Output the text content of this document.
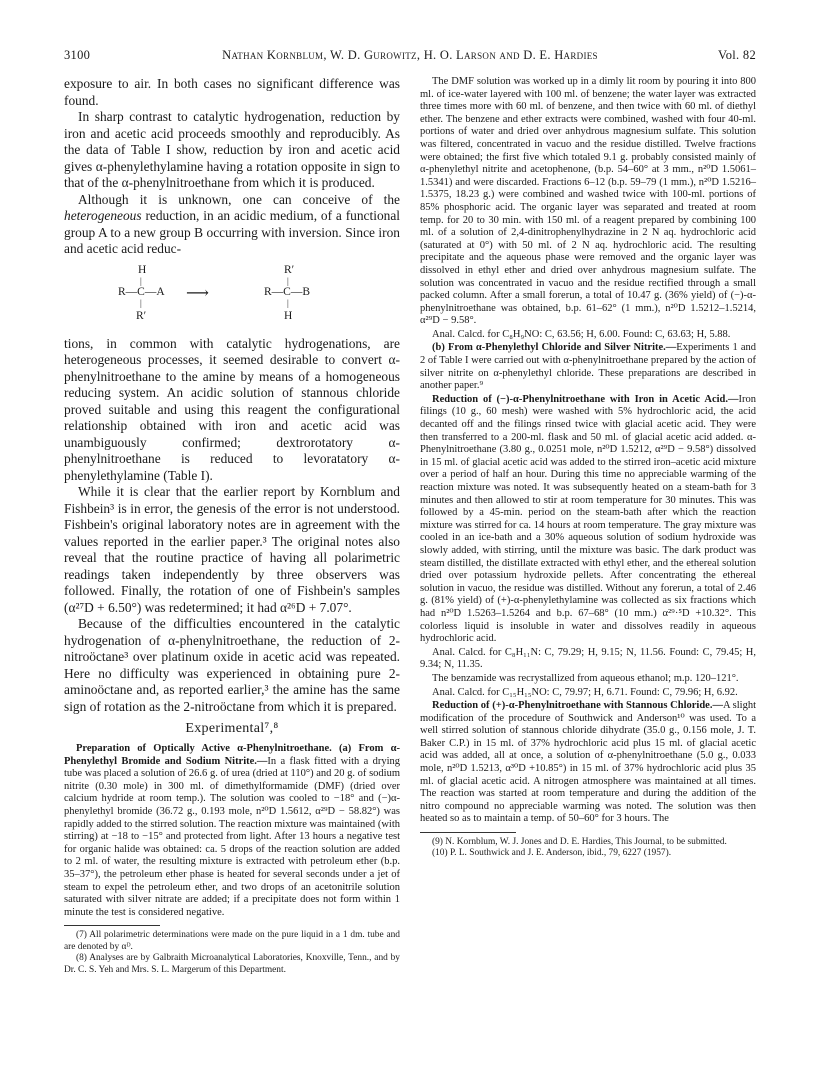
3100	Nathan Kornblum, W. D. Gurowitz, H. O. Larson and D. E. Hardies	Vol. 82

exposure to air. In both cases no significant difference was found.

In sharp contrast to catalytic hydrogenation, reduction by iron and acetic acid proceeds smoothly and reproducibly. As the data of Table I show, reduction by iron and acetic acid gives α-phenylethylamine having a rotation opposite in sign to that of the α-phenylnitroethane from which it is produced.

Although it is unknown, one can conceive of the heterogeneous reduction, in an acidic medium, of a functional group A to a new group B occurring with inversion. Since iron and acetic acid reduc-

H	R′
|	|
R—C—A ⟶	R—C—B
|	|
R′	H

tions, in common with catalytic hydrogenations, are heterogeneous processes, it seemed desirable to convert α-phenylnitroethane to the amine by means of a homogeneous reducing system. An acidic solution of stannous chloride proved suitable and using this reagent the configurational relationship obtained with iron and acetic acid was unambiguously confirmed; dextrorotatory α-phenylnitroethane is reduced to levoratatory α-phenylethylamine (Table I).

While it is clear that the earlier report by Kornblum and Fishbein³ is in error, the genesis of the error is not understood. Fishbein's original laboratory notes are in agreement with the values reported in the earlier paper.³ The original notes also reveal that the routine practice of having all polarimetric readings taken independently by three observers was followed. Finally, the rotation of one of Fishbein's samples (α²⁷D + 6.50°) was redetermined; it had α²⁶D + 7.07°.

Because of the difficulties encountered in the catalytic hydrogenation of α-phenylnitroethane, the reduction of 2-nitroöctane³ over platinum oxide in acetic acid was repeated. Here no difficulty was experienced in obtaining pure 2-aminoöctane and, as reported earlier,³ the amine has the same sign of rotation as the 2-nitroöctane from which it is prepared.

Experimental⁷,⁸

Preparation of Optically Active α-Phenylnitroethane. (a) From α-Phenylethyl Bromide and Sodium Nitrite.—In a flask fitted with a drying tube was placed a solution of 26.6 g. of urea (dried at 110°) and 20 g. of sodium nitrite (0.30 mole) in 300 ml. of dimethylformamide (DMF) (dried over calcium hydride at room temp.). The solution was cooled to −18° and (−)α-phenylethyl bromide (36.72 g., 0.193 mole, n²⁰D 1.5612, α²⁹D − 58.82°) was rapidly added to the stirred solution. The reaction mixture was maintained (with stirring) at −18 to −15° and protected from light. After 13 hours a negative test for organic halide was obtained: ca. 5 drops of the reaction solution are added to 2 ml. of water, the resulting mixture is extracted with petroleum ether (b.p. 35–37°), the petroleum ether phase is heated for several seconds under a jet of steam to expel the petroleum ether, and two drops of an acetonitrile solution saturated with silver nitrate are added; if a precipitate does not form within 1 minute the test is considered negative.

(7) All polarimetric determinations were made on the pure liquid in a 1 dm. tube and are denoted by αᴰ.

(8) Analyses are by Galbraith Microanalytical Laboratories, Knoxville, Tenn., and by Dr. C. S. Yeh and Mrs. S. L. Margerum of this Department.

The DMF solution was worked up in a dimly lit room by pouring it into 800 ml. of ice-water layered with 100 ml. of benzene; the water layer was extracted three times more with 60 ml. of benzene, and then twice with 60 ml. of diethyl ether. The benzene and ether extracts were combined, washed with four 40-ml. portions of water and dried over anhydrous magnesium sulfate. This solution was filtered, concentrated in vacuo and the residue distilled. Twelve fractions were obtained; the first five which totaled 9.1 g. probably consisted mainly of α-phenylethyl nitrite and acetophenone, (b.p. 54–60° at 3 mm., n²⁰D 1.5061–1.5341) and were discarded. Fractions 6–12 (b.p. 59–79 (1 mm.), n²⁰D 1.5216–1.5375, 18.23 g.) were combined and washed twice with 100-ml. portions of 85% phosphoric acid. The organic layer was separated and treated at room temp. for 20 to 30 min. with 150 ml. of a reagent prepared by combining 100 ml. of a solution of 2,4-dinitrophenylhydrazine in 2 N aq. hydrochloric acid (saturated at 0°) with 50 ml. of 2 N aq. hydrochloric acid. The resulting precipitate and the aqueous phase were removed and the organic layer was dissolved in ethyl ether and dried over anhydrous magnesium sulfate. The solution was concentrated in vacuo and the residue rectified through a small packed column. After a small forerun, a total of 10.47 g. (36% yield) of (−)-α-phenylnitroethane was obtained, b.p. 61–62° (1 mm.), n²⁰D 1.5212–1.5214, α²⁹D − 9.58°.

Anal. Calcd. for C₈H₉NO: C, 63.56; H, 6.00. Found: C, 63.63; H, 5.88.

(b) From α-Phenylethyl Chloride and Silver Nitrite.—Experiments 1 and 2 of Table I were carried out with α-phenylnitroethane prepared by the action of silver nitrite on α-phenylethyl chloride. These preparations are described in another paper.⁹

Reduction of (−)-α-Phenylnitroethane with Iron in Acetic Acid.—Iron filings (10 g., 60 mesh) were washed with 5% hydrochloric acid, the acid decanted off and the filings rinsed twice with glacial acetic acid. They were then transferred to a 200-ml. flask and 50 ml. of glacial acetic acid added. α-Phenylnitroethane (3.80 g., 0.0251 mole, n²⁰D 1.5212, α²⁹D − 9.58°) dissolved in 15 ml. of glacial acetic acid was added to the stirred iron–acetic acid mixture over a period of half an hour. During this time no appreciable warming of the reaction mixture was noted. It was subsequently heated on a steam-bath for 3 minutes and then allowed to stir at room temperature for 30 minutes. This was followed by a 45-min. period on the steam-bath after which the reaction mixture was stirred for ca. 14 hours at room temperature. The gray mixture was cooled in an ice-bath and a 30% aqueous solution of sodium hydroxide was slowly added, with stirring, until the mixture was basic. The dark product was steam distilled, the distillate extracted with ethyl ether, and the ethereal solution dried over potassium hydroxide pellets. After concentrating the ethereal solution in vacuo, the residue was distilled. Without any forerun, a total of 2.46 g. (81% yield) of (+)-α-phenylethylamine was collected as six fractions which had n²⁰D 1.5263–1.5264 and b.p. 67–68° (10 mm.) α²⁹·⁵D +10.32°. This colorless liquid is insoluble in water and dissolves readily in aqueous hydrochloric acid.

Anal. Calcd. for C₈H₁₁N: C, 79.29; H, 9.15; N, 11.56. Found: C, 79.45; H, 9.34; N, 11.35.

The benzamide was recrystallized from aqueous ethanol; m.p. 120–121°.

Anal. Calcd. for C₁₅H₁₅NO: C, 79.97; H, 6.71. Found: C, 79.96; H, 6.92.

Reduction of (+)-α-Phenylnitroethane with Stannous Chloride.—A slight modification of the procedure of Southwick and Anderson¹⁰ was used. To a well stirred solution of stannous chloride dihydrate (35.0 g., 0.156 mole, J. T. Baker C.P.) in 15 ml. of 37% hydrochloric acid plus 15 ml. of glacial acetic acid was added, all at once, a solution of α-phenylnitroethane (5.0 g., 0.033 mole, n²⁰D 1.5213, α³⁰D +10.85°) in 15 ml. of 37% hydrochloric acid plus 35 ml. of glacial acetic acid. A nitrogen atmosphere was maintained at all times. The reaction was started at room temperature and during the addition of the nitro compound no appreciable warming was noted. The solution was then heated so as to maintain a temp. of 50–60° for 3 hours. The

(9) N. Kornblum, W. J. Jones and D. E. Hardies, This Journal, to be submitted.

(10) P. L. Southwick and J. E. Anderson, ibid., 79, 6227 (1957).
